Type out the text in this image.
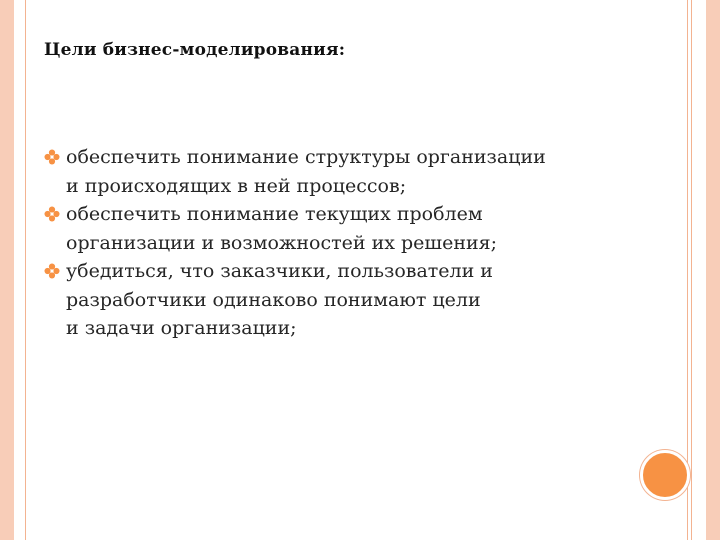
Цели бизнес-моделирования:
обеспечить понимание структуры организации
и происходящих в ней процессов;
обеспечить понимание текущих проблем
организации и возможностей их решения;
убедиться, что заказчики, пользователи и
разработчики одинаково понимают цели
и задачи организации;
